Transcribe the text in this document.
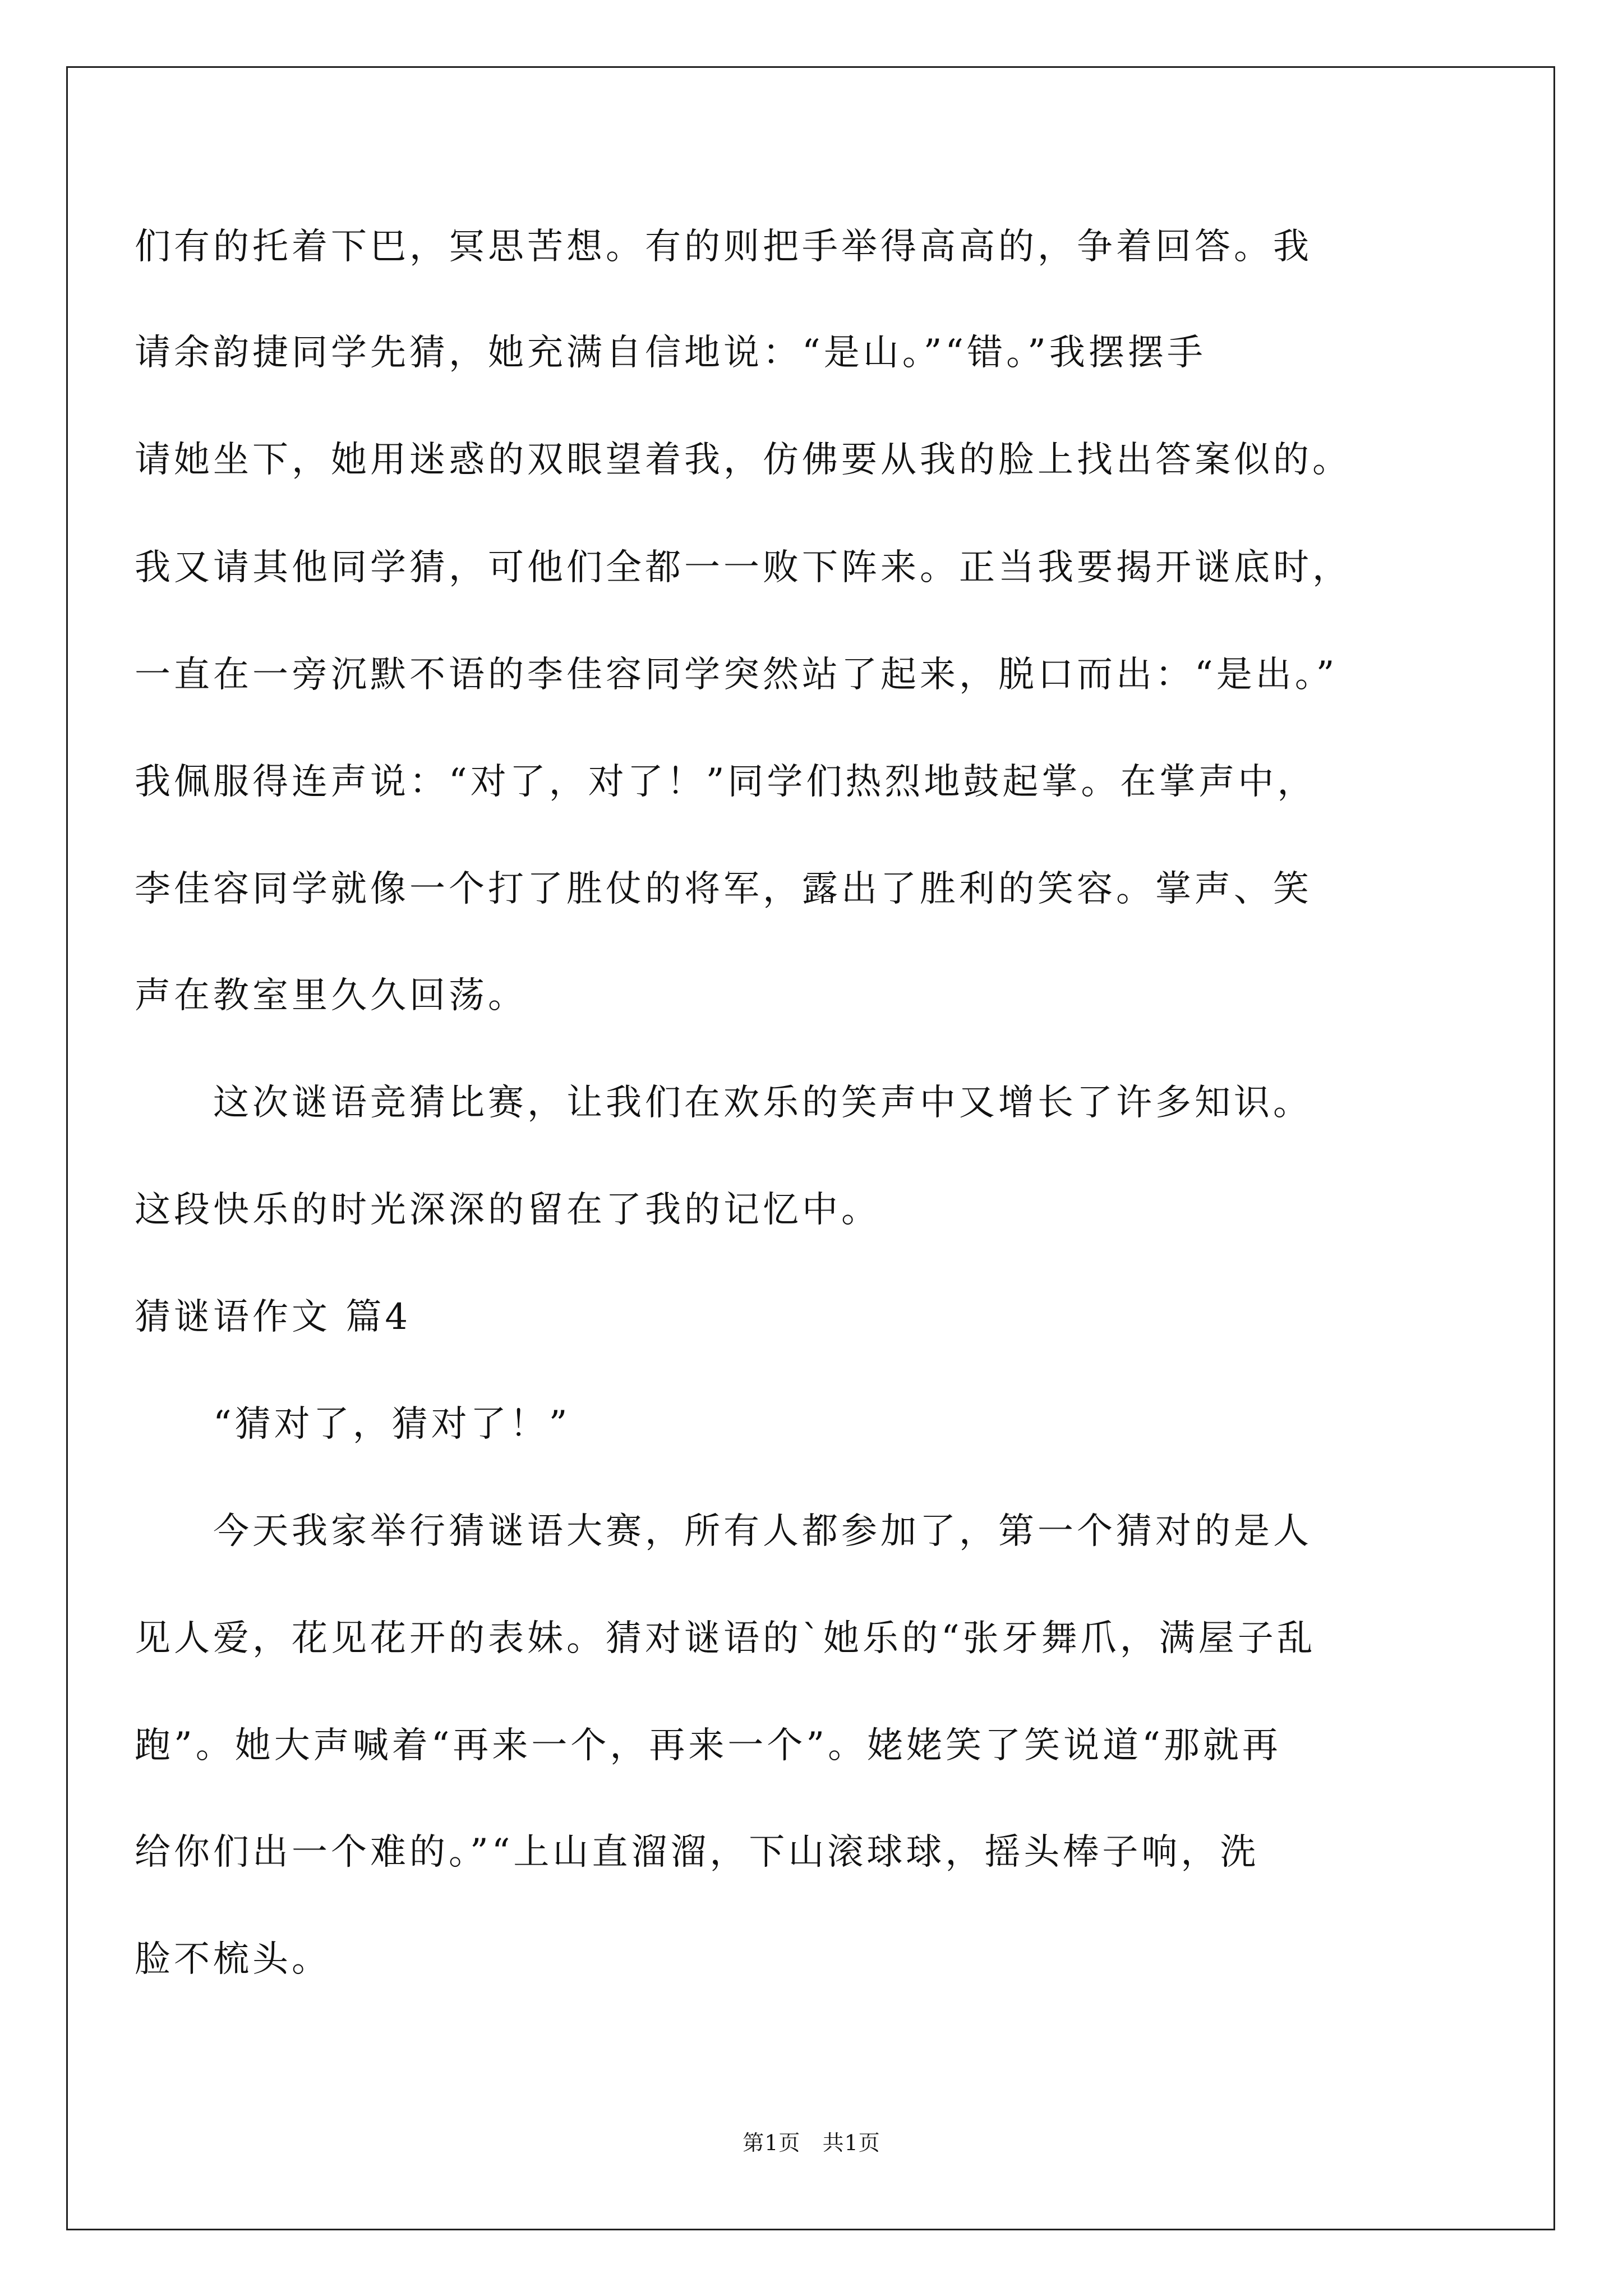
们有的托着下巴，冥思苦想。有的则把手举得高高的，争着回答。我
请余韵捷同学先猜，她充满自信地说：“是山。”“错。”我摆摆手
请她坐下，她用迷惑的双眼望着我，仿佛要从我的脸上找出答案似的。
我又请其他同学猜，可他们全都一一败下阵来。正当我要揭开谜底时，
一直在一旁沉默不语的李佳容同学突然站了起来，脱口而出：“是出。”
我佩服得连声说：“对了，对了！”同学们热烈地鼓起掌。在掌声中，
李佳容同学就像一个打了胜仗的将军，露出了胜利的笑容。掌声、笑
声在教室里久久回荡。
　　这次谜语竞猜比赛，让我们在欢乐的笑声中又增长了许多知识。
这段快乐的时光深深的留在了我的记忆中。
猜谜语作文 篇4
　　“猜对了，猜对了！”
　　今天我家举行猜谜语大赛，所有人都参加了，第一个猜对的是人
见人爱，花见花开的表妹。猜对谜语的`她乐的“张牙舞爪，满屋子乱
跑”。她大声喊着“再来一个，再来一个”。姥姥笑了笑说道“那就再
给你们出一个难的。”“上山直溜溜，下山滚球球，摇头棒子响，洗
脸不梳头。
第1页   共1页
